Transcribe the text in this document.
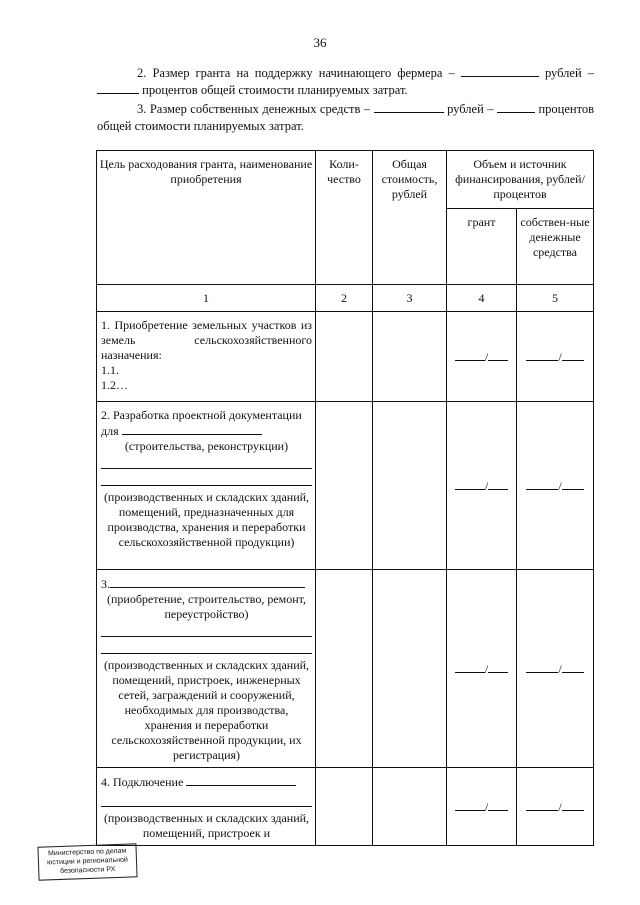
36
2. Размер гранта на поддержку начинающего фермера –	рублей –  процентов общей стоимости планируемых затрат.
3. Размер собственных денежных средств –	рублей –	процентов общей стоимости планируемых затрат.
Цель расходования гранта, наименование приобретения	Коли-чество	Общая стоимость, рублей	Объем и источник финансирования, рублей/процентов	
			грант	собствен-ные денежные средства
1	2	3	4	5

1. Приобретение земельных участков из земель сельскохозяйственного назначения:
1.1.
1.2…			/	/

2. Разработка проектной документации для
(строительства, реконструкции)
(производственных и складских зданий, помещений, предназначенных для производства, хранения и переработки сельскохозяйственной продукции)			/	/

3.
(приобретение, строительство, ремонт, переустройство)
(производственных и складских зданий, помещений, пристроек, инженерных сетей, заграждений и сооружений, необходимых для производства, хранения и переработки сельскохозяйственной продукции, их регистрация)			/	/

4. Подключение
(производственных и складских зданий, помещений, пристроек и			/	/
Министерство по делам
юстиции и региональной
безопасности РХ
